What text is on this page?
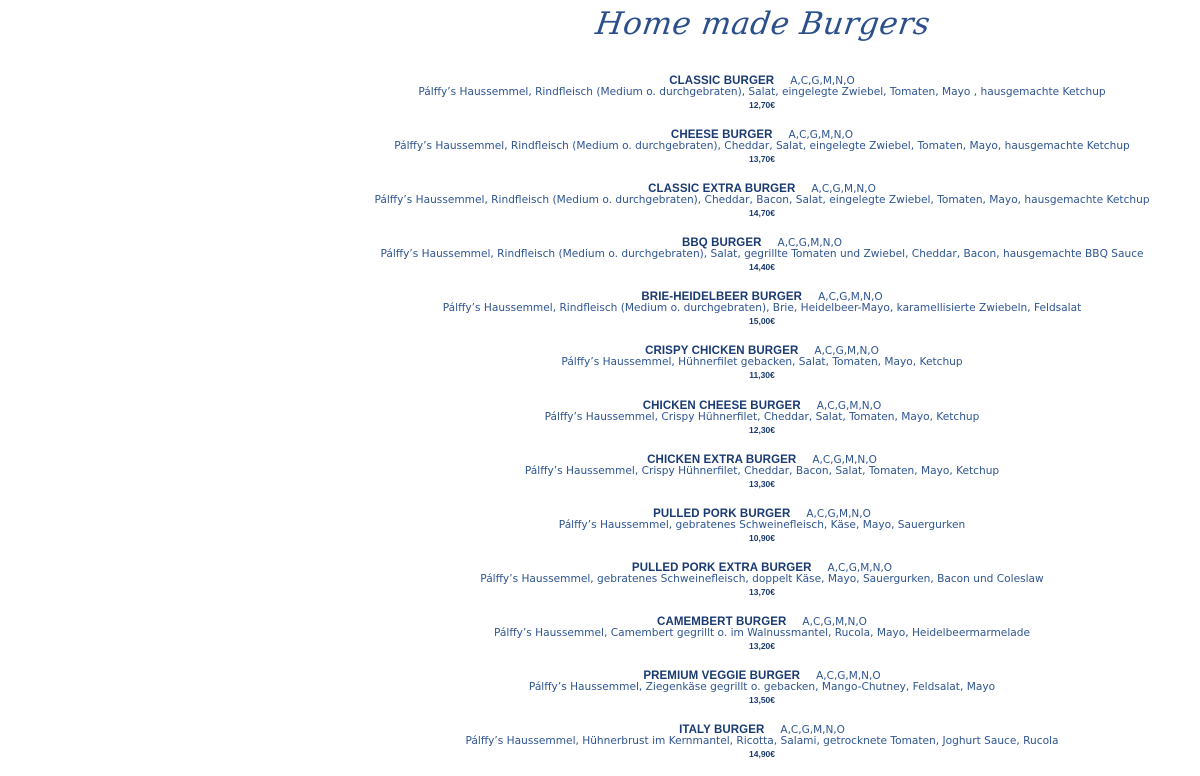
Home made Burgers
CLASSIC BURGER A,C,G,M,N,O
Pálffy’s Haussemmel, Rindfleisch (Medium o. durchgebraten), Salat, eingelegte Zwiebel, Tomaten, Mayo , hausgemachte Ketchup
12,70€
CHEESE BURGER A,C,G,M,N,O
Pálffy’s Haussemmel, Rindfleisch (Medium o. durchgebraten), Cheddar, Salat, eingelegte Zwiebel, Tomaten, Mayo, hausgemachte Ketchup
13,70€
CLASSIC EXTRA BURGER A,C,G,M,N,O
Pálffy’s Haussemmel, Rindfleisch (Medium o. durchgebraten), Cheddar, Bacon, Salat, eingelegte Zwiebel, Tomaten, Mayo, hausgemachte Ketchup
14,70€
BBQ BURGER A,C,G,M,N,O
Pálffy’s Haussemmel, Rindfleisch (Medium o. durchgebraten), Salat, gegrillte Tomaten und Zwiebel, Cheddar, Bacon, hausgemachte BBQ Sauce
14,40€
BRIE-HEIDELBEER BURGER A,C,G,M,N,O
Pálffy’s Haussemmel, Rindfleisch (Medium o. durchgebraten), Brie, Heidelbeer-Mayo, karamellisierte Zwiebeln, Feldsalat
15,00€
CRISPY CHICKEN BURGER A,C,G,M,N,O
Pálffy’s Haussemmel, Hühnerfilet gebacken, Salat, Tomaten, Mayo, Ketchup
11,30€
CHICKEN CHEESE BURGER A,C,G,M,N,O
Pálffy’s Haussemmel, Crispy Hühnerfilet, Cheddar, Salat, Tomaten, Mayo, Ketchup
12,30€
CHICKEN EXTRA BURGER A,C,G,M,N,O
Pálffy’s Haussemmel, Crispy Hühnerfilet, Cheddar, Bacon, Salat, Tomaten, Mayo, Ketchup
13,30€
PULLED PORK BURGER A,C,G,M,N,O
Pálffy’s Haussemmel, gebratenes Schweinefleisch, Käse, Mayo, Sauergurken
10,90€
PULLED PORK EXTRA BURGER A,C,G,M,N,O
Pálffy’s Haussemmel, gebratenes Schweinefleisch, doppelt Käse, Mayo, Sauergurken, Bacon und Coleslaw
13,70€
CAMEMBERT BURGER A,C,G,M,N,O
Pálffy’s Haussemmel, Camembert gegrillt o. im Walnussmantel, Rucola, Mayo, Heidelbeermarmelade
13,20€
PREMIUM VEGGIE BURGER A,C,G,M,N,O
Pálffy’s Haussemmel, Ziegenkäse gegrillt o. gebacken, Mango-Chutney, Feldsalat, Mayo
13,50€
ITALY BURGER A,C,G,M,N,O
Pálffy’s Haussemmel, Hühnerbrust im Kernmantel, Ricotta, Salami, getrocknete Tomaten, Joghurt Sauce, Rucola
14,90€
